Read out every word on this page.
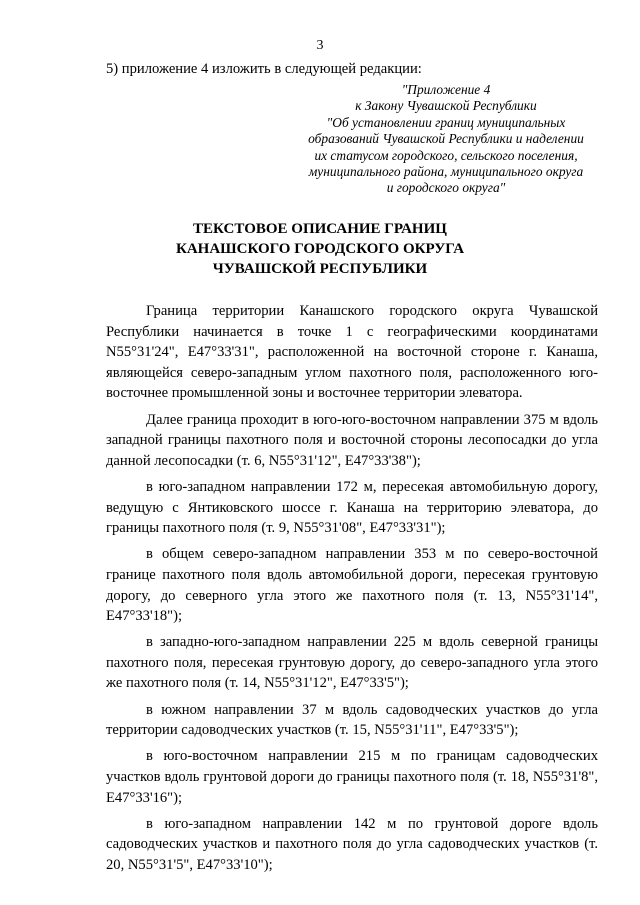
3
5) приложение 4 изложить в следующей редакции:
"Приложение 4
к Закону Чувашской Республики
"Об установлении границ муниципальных
образований Чувашской Республики и наделении
их статусом городского, сельского поселения,
муниципального района, муниципального округа
и городского округа"
ТЕКСТОВОЕ ОПИСАНИЕ ГРАНИЦ
КАНАШСКОГО ГОРОДСКОГО ОКРУГА
ЧУВАШСКОЙ РЕСПУБЛИКИ

Граница территории Канашского городского округа Чувашской Республики начинается в точке 1 с географическими координатами N55°31'24", E47°33'31", расположенной на восточной стороне г. Канаша, являющейся северо-западным углом пахотного поля, расположенного юго-восточнее промышленной зоны и восточнее территории элеватора.

Далее граница проходит в юго-юго-восточном направлении 375 м вдоль западной границы пахотного поля и восточной стороны лесопосадки до угла данной лесопосадки (т. 6, N55°31'12", E47°33'38");

в юго-западном направлении 172 м, пересекая автомобильную дорогу, ведущую с Янтиковского шоссе г. Канаша на территорию элеватора, до границы пахотного поля (т. 9, N55°31'08", E47°33'31");

в общем северо-западном направлении 353 м по северо-восточной границе пахотного поля вдоль автомобильной дороги, пересекая грунтовую дорогу, до северного угла этого же пахотного поля (т. 13, N55°31'14", E47°33'18");

в западно-юго-западном направлении 225 м вдоль северной границы пахотного поля, пересекая грунтовую дорогу, до северо-западного угла этого же пахотного поля (т. 14, N55°31'12", E47°33'5");

в южном направлении 37 м вдоль садоводческих участков до угла территории садоводческих участков (т. 15, N55°31'11", E47°33'5");

в юго-восточном направлении 215 м по границам садоводческих участков вдоль грунтовой дороги до границы пахотного поля (т. 18, N55°31'8", E47°33'16");

в юго-западном направлении 142 м по грунтовой дороге вдоль садоводческих участков и пахотного поля до угла садоводческих участков (т. 20, N55°31'5", E47°33'10");
